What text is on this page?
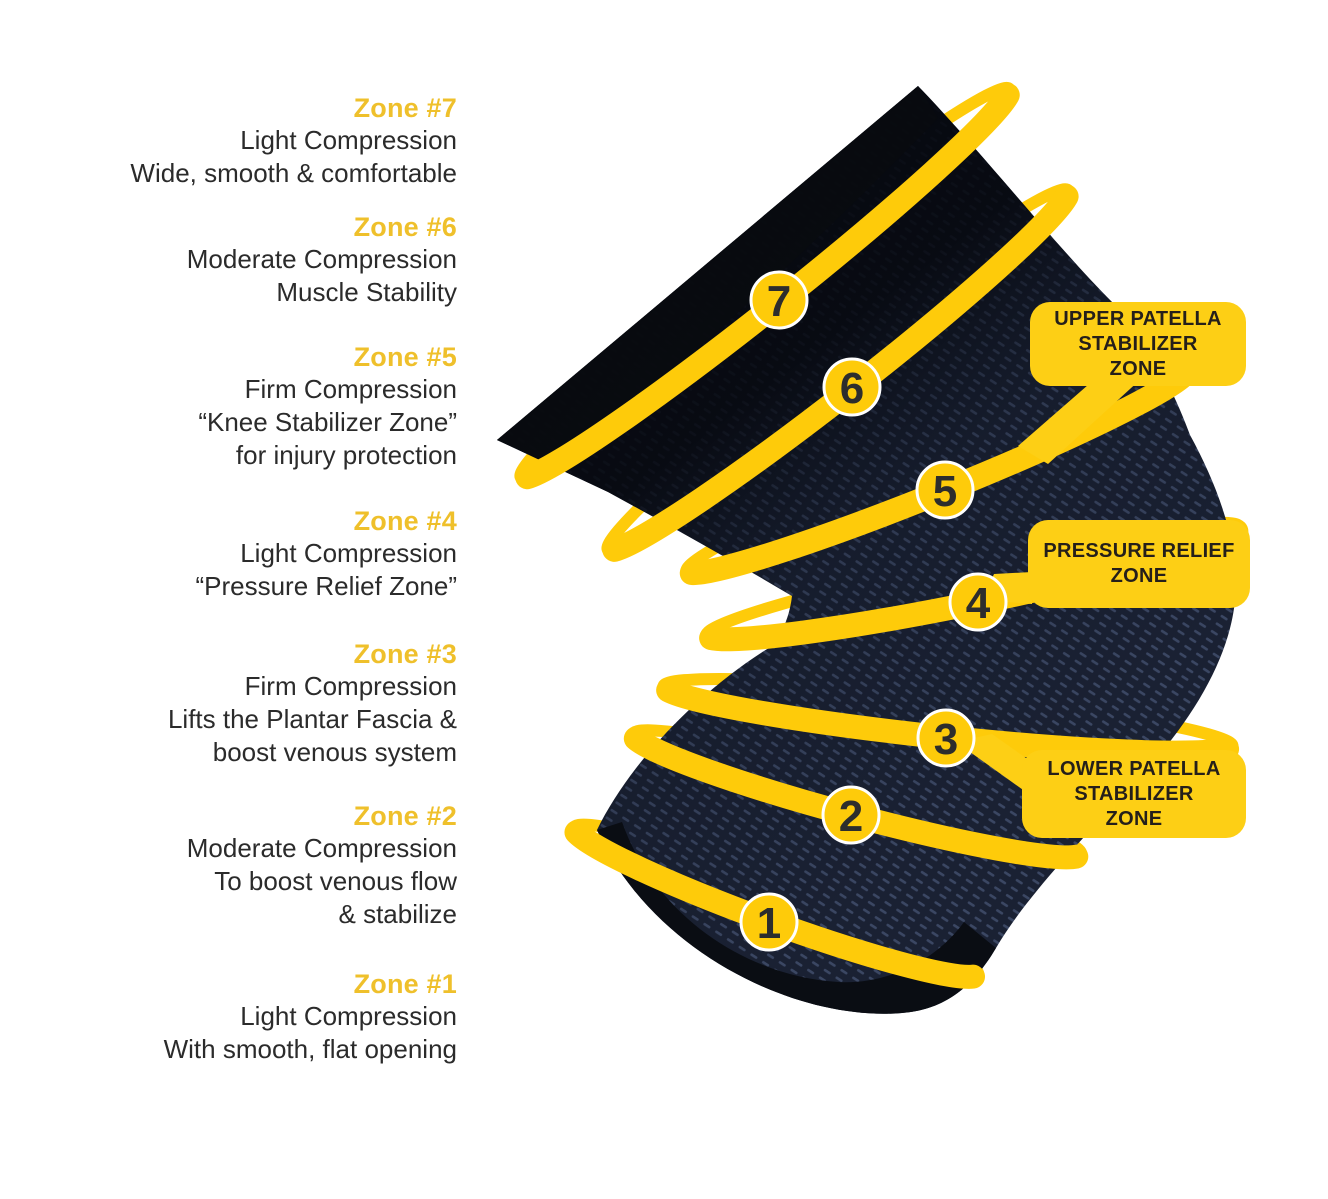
7
6
5
4
3
2
1
Zone #7
Light Compression
Wide, smooth & comfortable
Zone #6
Moderate Compression
Muscle Stability
Zone #5
Firm Compression
“Knee Stabilizer Zone”
for injury protection
Zone #4
Light Compression
“Pressure Relief Zone”
Zone #3
Firm Compression
Lifts the Plantar Fascia &
boost venous system
Zone #2
Moderate Compression
To boost venous flow
& stabilize
Zone #1
Light Compression
With smooth, flat opening
UPPER PATELLA
STABILIZER
ZONE
PRESSURE RELIEF
ZONE
LOWER PATELLA
STABILIZER
ZONE
